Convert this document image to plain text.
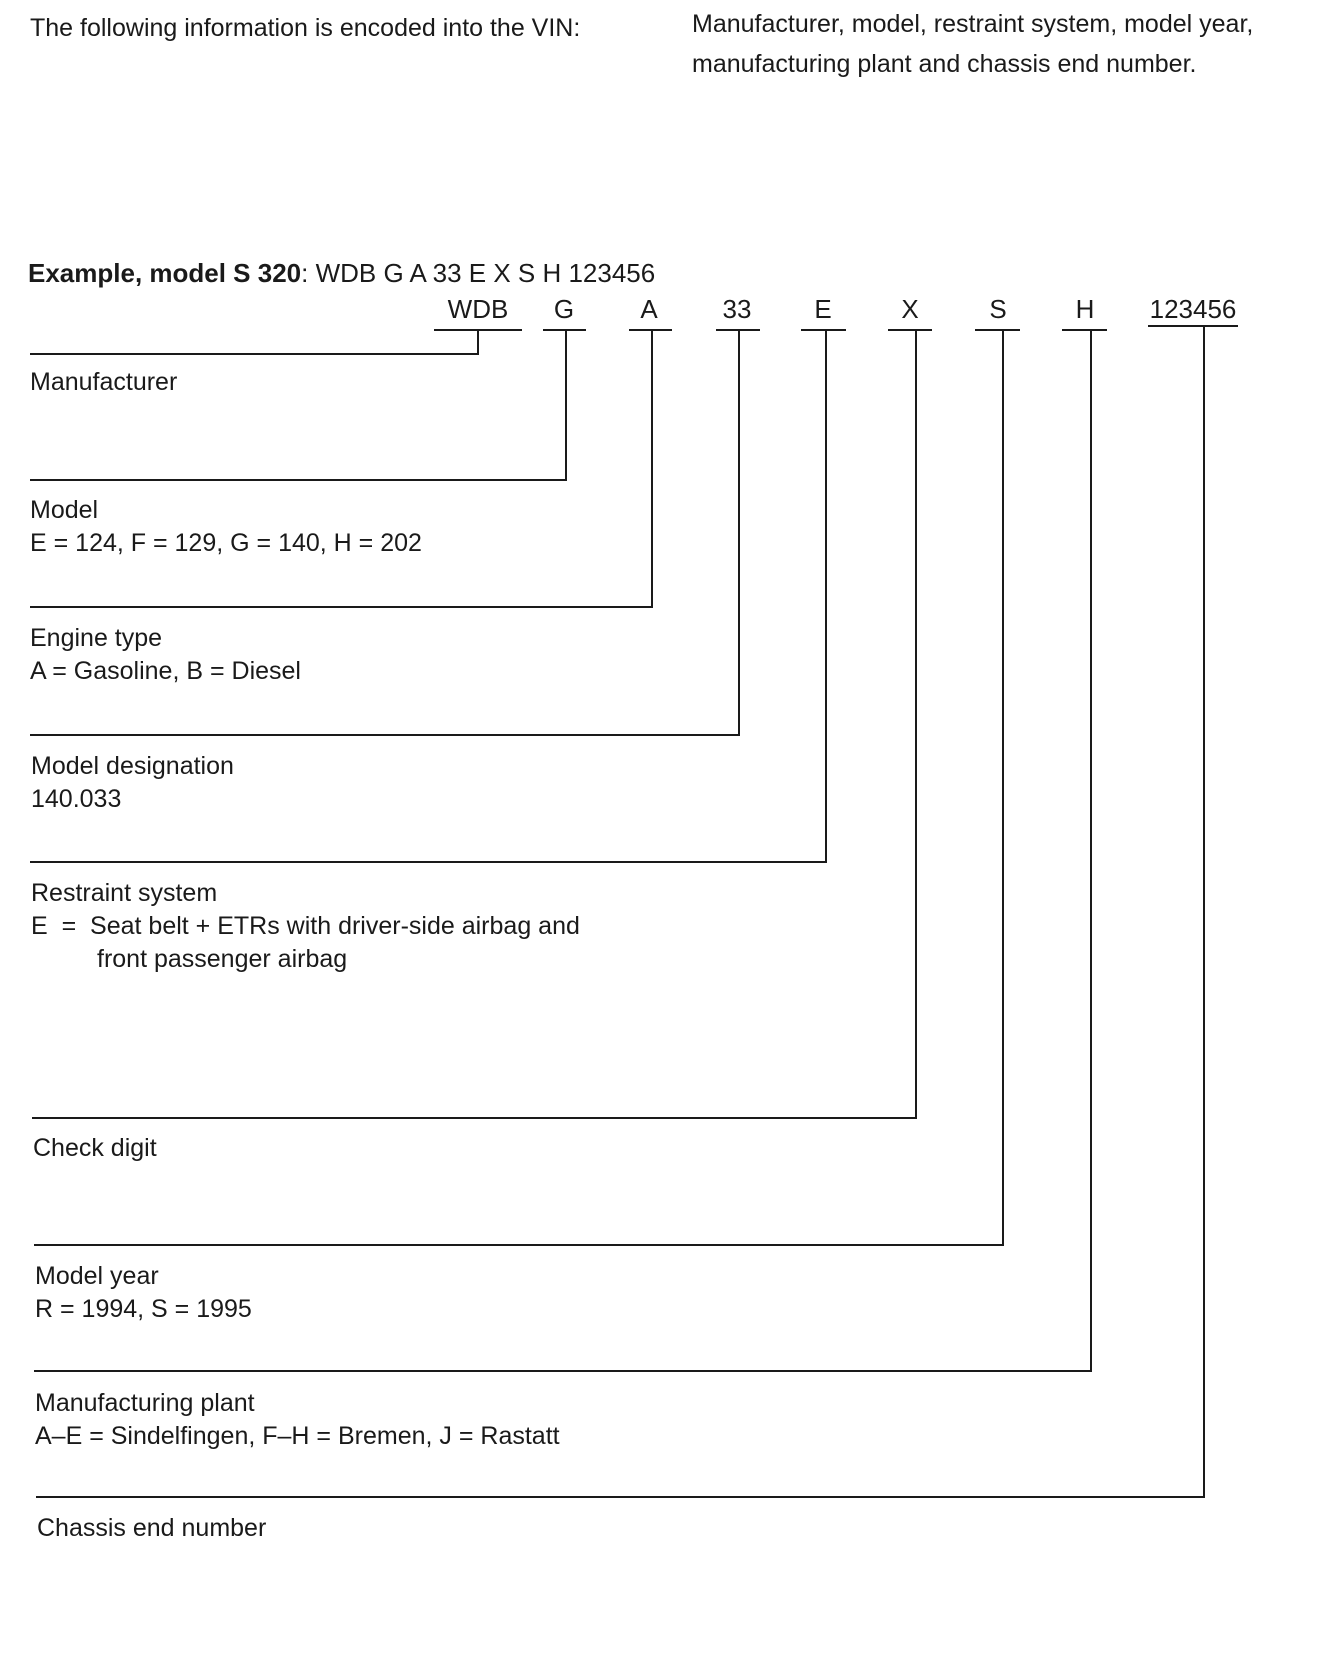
The following information is encoded into the VIN:	Manufacturer, model, restraint system, model year, manufacturing plant and chassis end number.
Example, model S 320: WDB G A 33 E X S H 123456
WDB G	A 33 E	X	S	H 123456
Manufacturer
Model
E = 124, F = 129, G = 140, H = 202
Engine type
A = Gasoline, B = Diesel
Model designation
140.033
Restraint system
E  =  Seat belt + ETRs with driver-side airbag and
front passenger airbag
Check digit
Model year
R = 1994, S = 1995
Manufacturing plant
A–E = Sindelfingen, F–H = Bremen, J = Rastatt
Chassis end number
